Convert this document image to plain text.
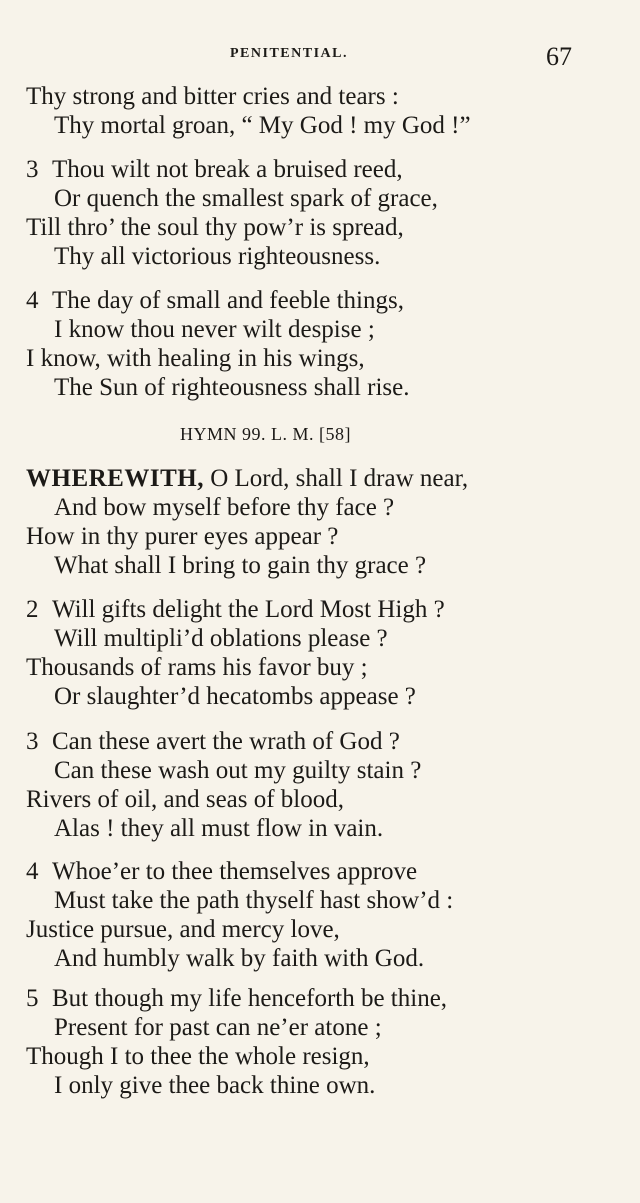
PENITENTIAL.	67
Thy strong and bitter cries and tears :
Thy mortal groan, “ My God ! my God !”
3 Thou wilt not break a bruised reed,
Or quench the smallest spark of grace,
Till thro’ the soul thy pow’r is spread,
Thy all victorious righteousness.
4 The day of small and feeble things,
I know thou never wilt despise ;
I know, with healing in his wings,
The Sun of righteousness shall rise.
HYMN 99. L. M. [58]
WHEREWITH, O Lord, shall I draw near,
And bow myself before thy face ?
How in thy purer eyes appear ?
What shall I bring to gain thy grace ?
2 Will gifts delight the Lord Most High ?
Will multipli’d oblations please ?
Thousands of rams his favor buy ;
Or slaughter’d hecatombs appease ?
3 Can these avert the wrath of God ?
Can these wash out my guilty stain ?
Rivers of oil, and seas of blood,
Alas ! they all must flow in vain.
4 Whoe’er to thee themselves approve
Must take the path thyself hast show’d :
Justice pursue, and mercy love,
And humbly walk by faith with God.
5 But though my life henceforth be thine,
Present for past can ne’er atone ;
Though I to thee the whole resign,
I only give thee back thine own.
